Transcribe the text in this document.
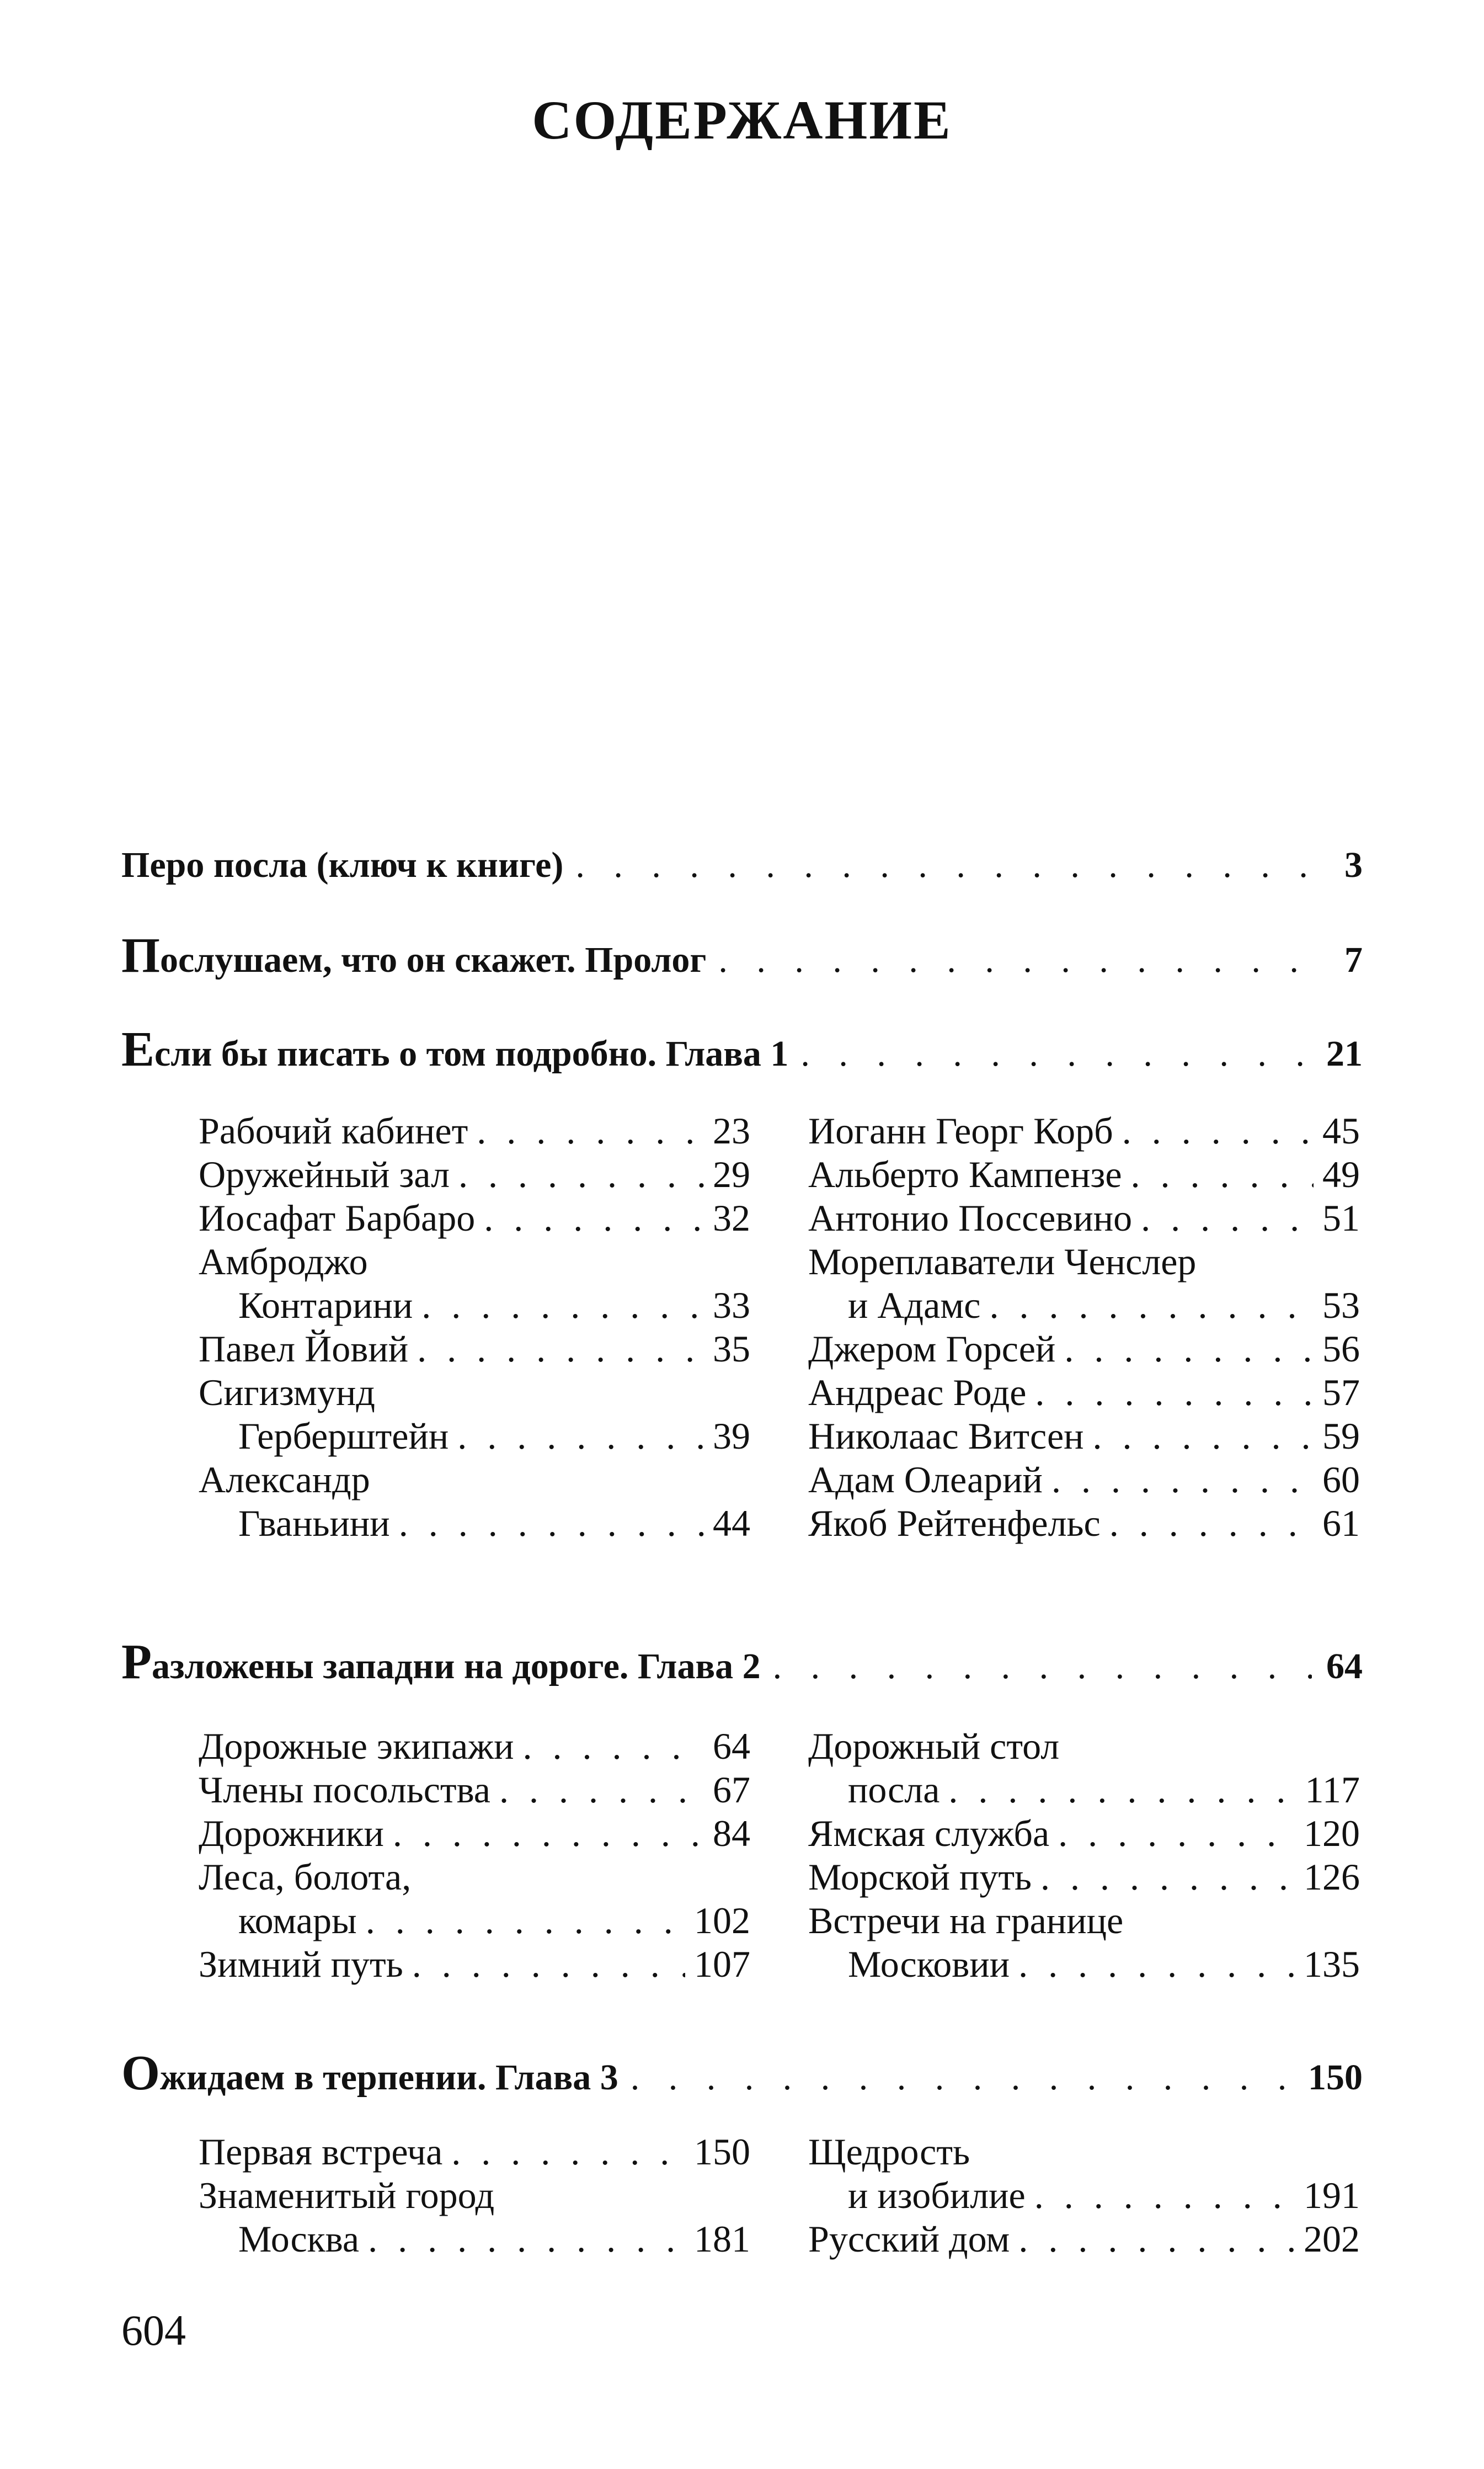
СОДЕРЖАНИЕ
Перо посла (ключ к книге) . . .	3
Послушаем, что он скажет. Пролог . . .	7
Если бы писать о том подробно. Глава 1 . . .	21
Рабочий кабинет . . .	23
Оружейный зал . . .	29
Иосафат Барбаро . . .	32
Амброджо
Контарини . . .	33
Павел Йовий . . .	35
Сигизмунд
Герберштейн . . .	39
Александр
Гваньини . . .	44
Иоганн Георг Корб . . .	45
Альберто Кампензе . . .	49
Антонио Поссевино . . .	51
Мореплаватели Ченслер
и Адамс . . .	53
Джером Горсей . . .	56
Андреас Роде . . .	57
Николаас Витсен . . .	59
Адам Олеарий . . .	60
Якоб Рейтенфельс . . .	61
Разложены западни на дороге. Глава 2 . . .	64
Дорожные экипажи . . .	64
Члены посольства . . .	67
Дорожники . . .	84
Леса, болота,
комары . . .	102
Зимний путь . . .	107
Дорожный стол
посла . . .	117
Ямская служба . . .	120
Морской путь . . .	126
Встречи на границе
Московии . . .	135
Ожидаем в терпении. Глава 3 . . .	150
Первая встреча . . .	150
Знаменитый город
Москва . . .	181
Щедрость
и изобилие . . .	191
Русский дом . . .	202
604
